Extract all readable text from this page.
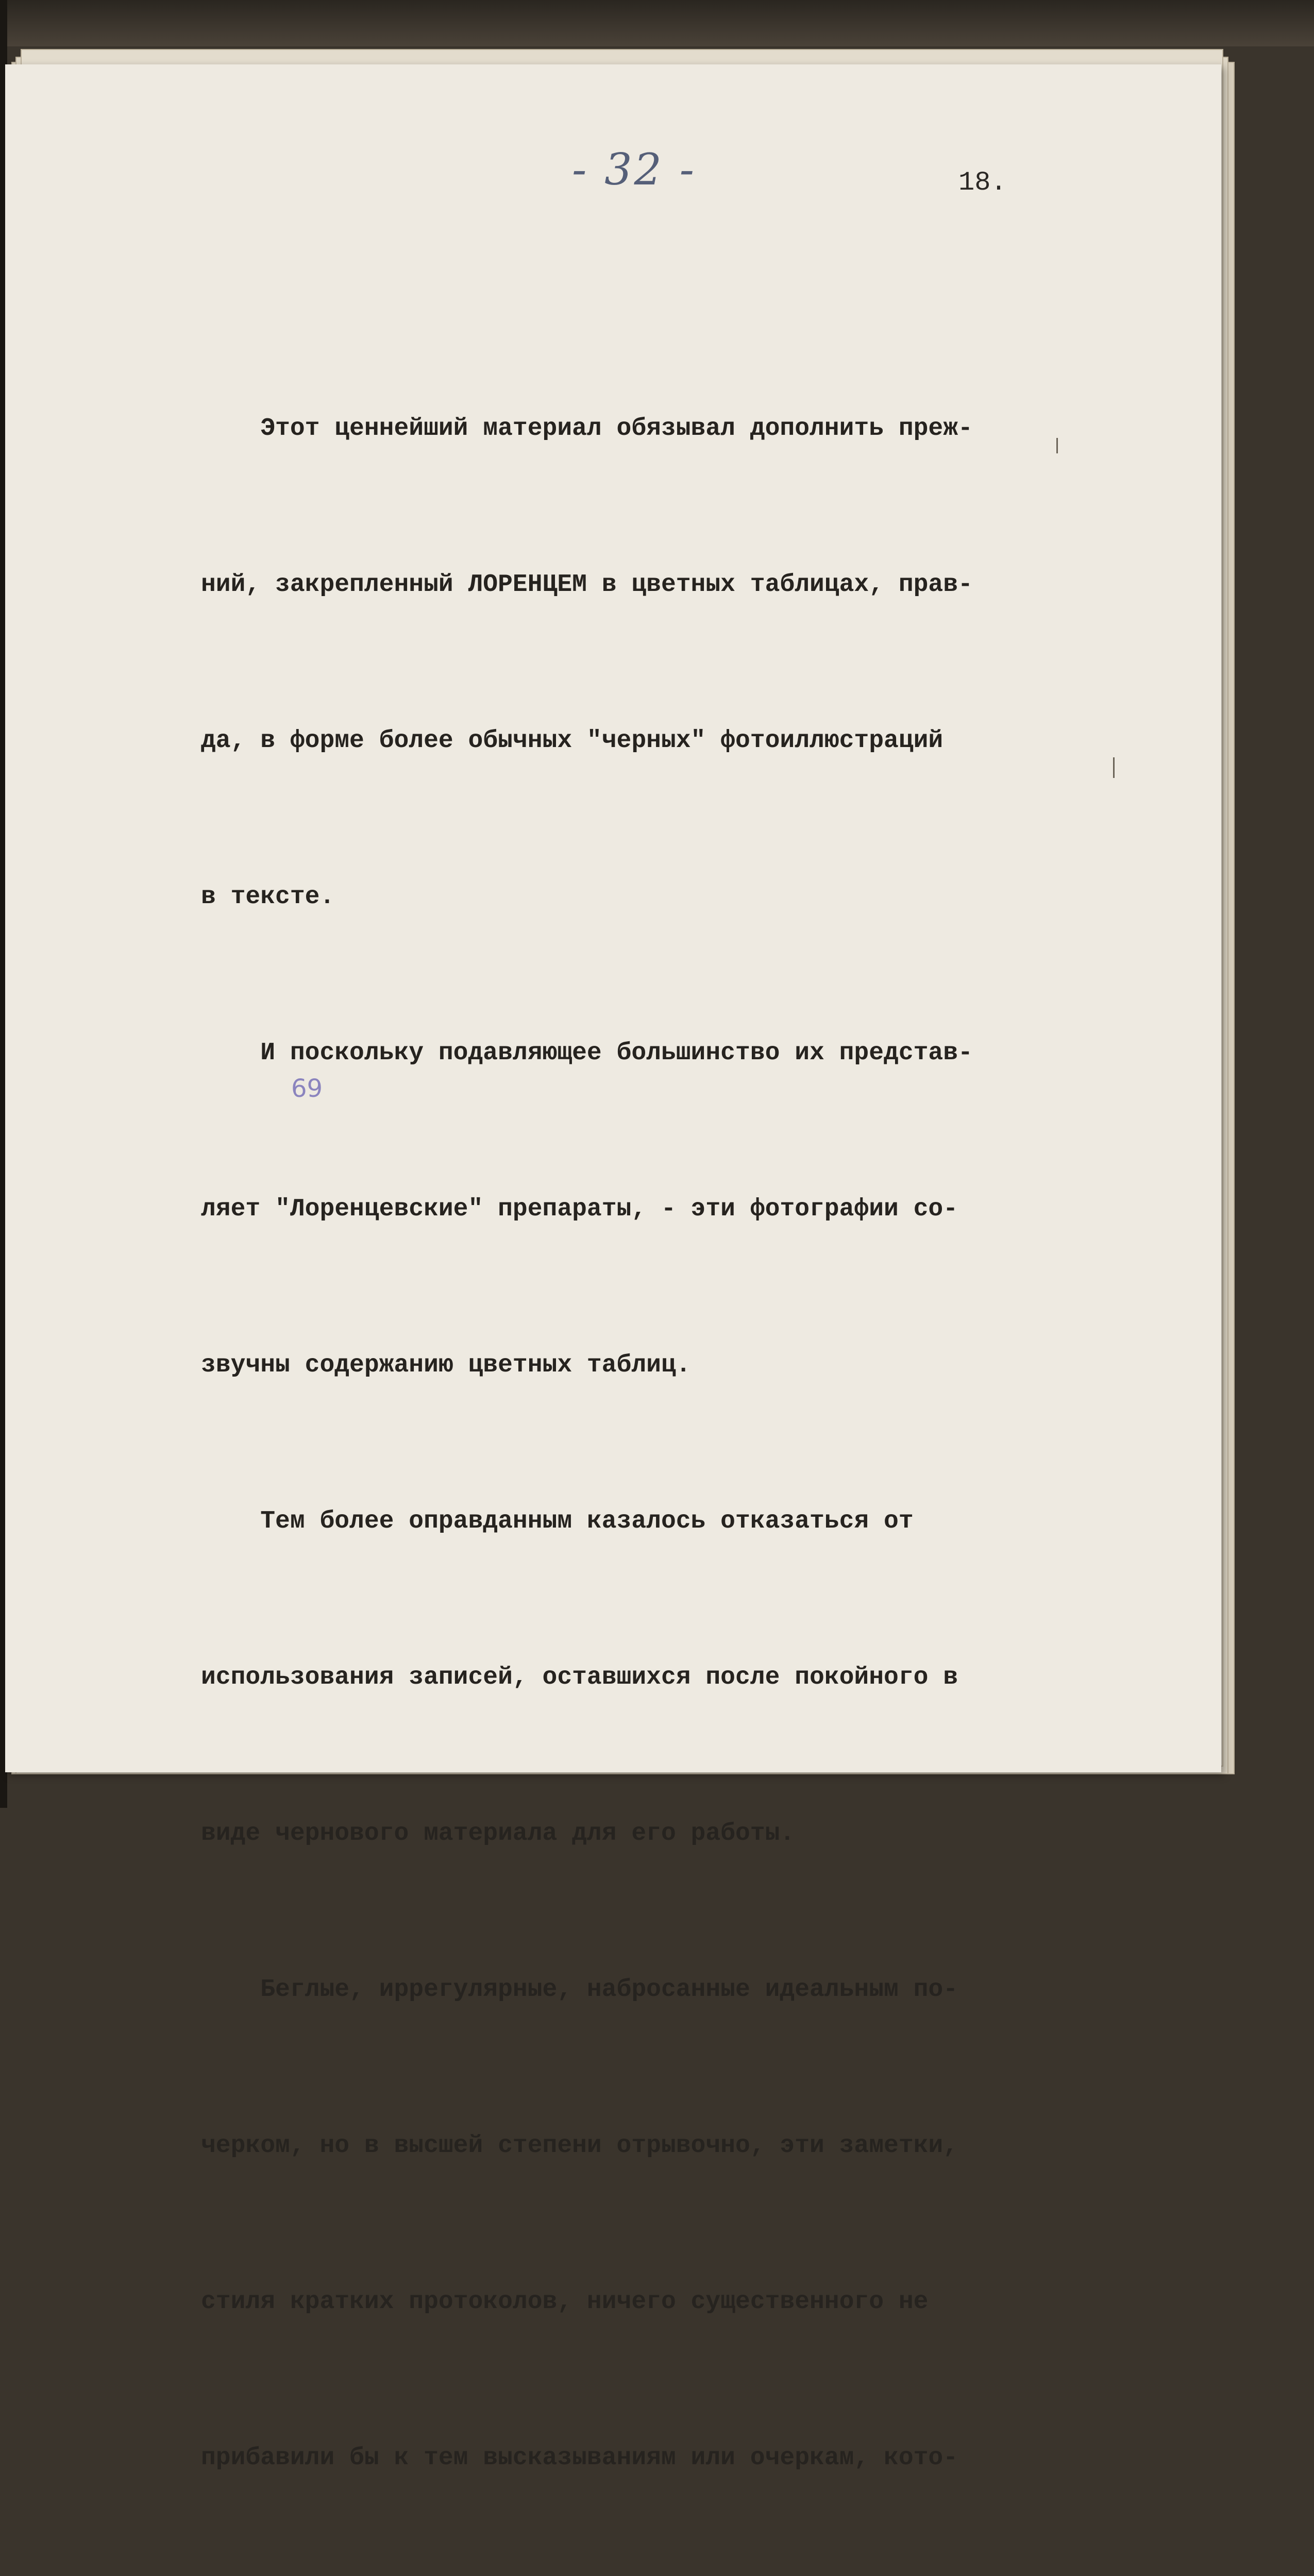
- 32 -	18.
69

Этот ценнейший материал обязывал дополнить преж-

ний, закрепленный ЛОРЕНЦЕМ в цветных таблицах, прав-

да, в форме более обычных "черных" фотоиллюстраций

в тексте.

И поскольку подавляющее большинство их представ-

ляет "Лоренцевские" препараты, - эти фотографии со-

звучны содержанию цветных таблиц.

Тем более оправданным казалось отказаться от

использования записей, оставшихся после покойного в

виде чернового материала для его работы.

Беглые, иррегулярные, набросанные идеальным по-

черком, но в высшей степени отрывочно, эти заметки,

стиля кратких протоколов, ничего существенного не

прибавили бы к тем высказываниям или очеркам, кото-
